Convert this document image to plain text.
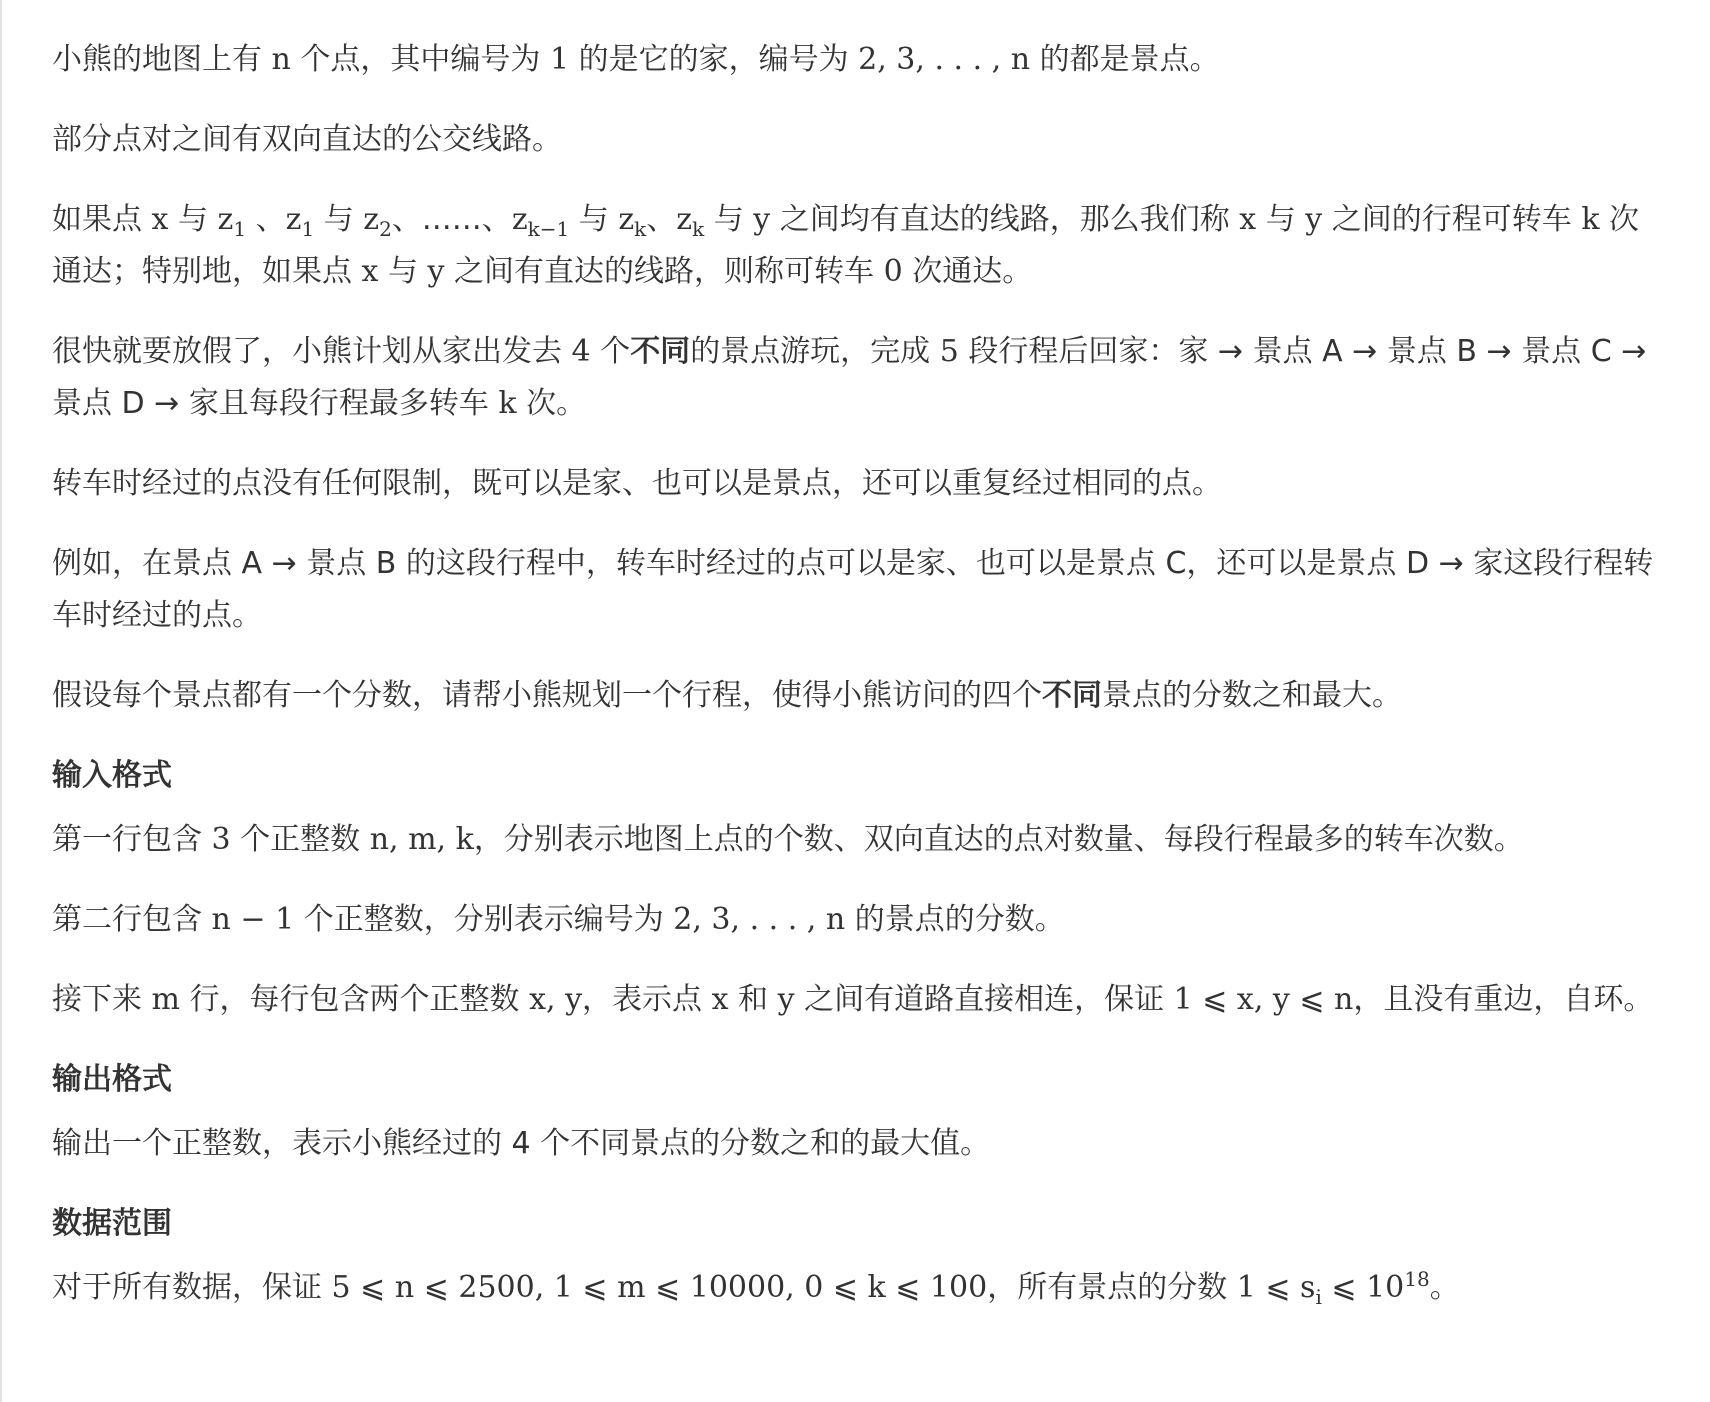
小熊的地图上有 n 个点，其中编号为 1 的是它的家，编号为 2, 3, . . . , n 的都是景点。

部分点对之间有双向直达的公交线路。

如果点 x 与 $z_1$ 、$z_1$ 与 $z_2$、……、$z_{k-1}$ 与 $z_k$、$z_k$ 与 y 之间均有直达的线路，那么我们称 x 与 y 之间的行程可转车 k 次通达；特别地，如果点 x 与 y 之间有直达的线路，则称可转车 0 次通达。

很快就要放假了，小熊计划从家出发去 4 个不同的景点游玩，完成 5 段行程后回家：家 → 景点 A → 景点 B → 景点 C → 景点 D → 家且每段行程最多转车 k 次。

转车时经过的点没有任何限制，既可以是家、也可以是景点，还可以重复经过相同的点。

例如，在景点 A → 景点 B 的这段行程中，转车时经过的点可以是家、也可以是景点 C，还可以是景点 D → 家这段行程转车时经过的点。

假设每个景点都有一个分数，请帮小熊规划一个行程，使得小熊访问的四个不同景点的分数之和最大。

输入格式

第一行包含 3 个正整数 n, m, k，分别表示地图上点的个数、双向直达的点对数量、每段行程最多的转车次数。

第二行包含 n − 1 个正整数，分别表示编号为 2, 3, . . . , n 的景点的分数。

接下来 m 行，每行包含两个正整数 x, y，表示点 x 和 y 之间有道路直接相连，保证 1 ⩽ x, y ⩽ n，且没有重边，自环。

输出格式

输出一个正整数，表示小熊经过的 4 个不同景点的分数之和的最大值。

数据范围

对于所有数据，保证 5 ⩽ n ⩽ 2500, 1 ⩽ m ⩽ 10000, 0 ⩽ k ⩽ 100，所有景点的分数 1 ⩽ $s_i$ ⩽ $10^{18}$。
